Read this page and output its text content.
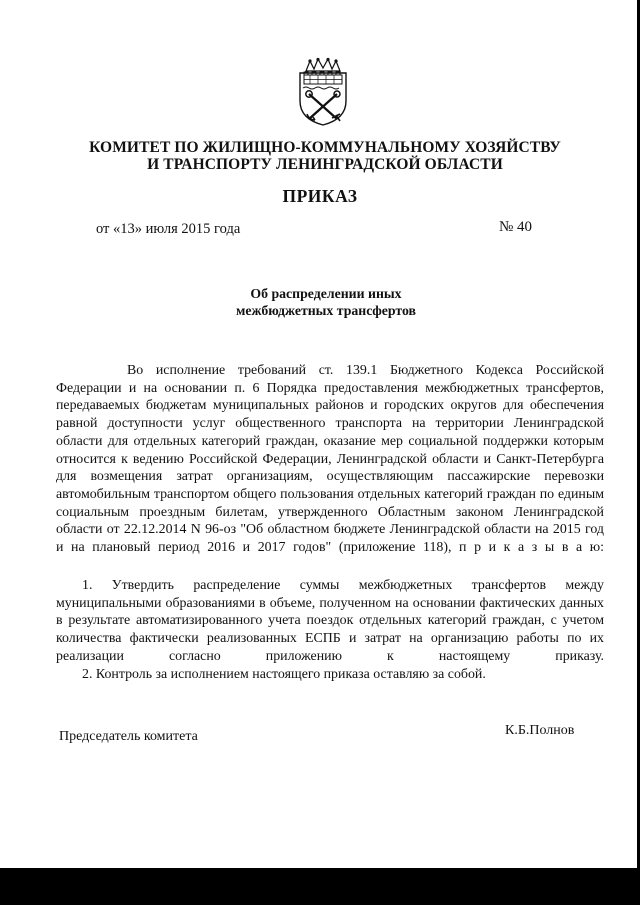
КОМИТЕТ ПО ЖИЛИЩНО-КОММУНАЛЬНОМУ ХОЗЯЙСТВУ
И ТРАНСПОРТУ ЛЕНИНГРАДСКОЙ ОБЛАСТИ
ПРИКАЗ
от «13» июля 2015 года	№ 40
Об распределении иных
межбюджетных трансфертов
Во исполнение требований ст. 139.1 Бюджетного Кодекса Российской Федерации и на основании п. 6 Порядка предоставления межбюджетных трансфертов, передаваемых бюджетам муниципальных районов и городских округов для обеспечения равной доступности услуг общественного транспорта на территории Ленинградской области для отдельных категорий граждан, оказание мер социальной поддержки которым относится к ведению Российской Федерации, Ленинградской области и Санкт-Петербурга для возмещения затрат организациям, осуществляющим пассажирские перевозки автомобильным транспортом общего пользования отдельных категорий граждан по единым социальным проездным билетам, утвержденного Областным законом Ленинградской области от 22.12.2014 N 96-оз "Об областном бюджете Ленинградской области на 2015 год и на плановый период 2016 и 2017 годов" (приложение 118), п р и к а з ы в а ю:
1. Утвердить распределение суммы межбюджетных трансфертов между муниципальными образованиями в объеме, полученном на основании фактических данных в результате автоматизированного учета поездок отдельных категорий граждан, с учетом количества фактически реализованных ЕСПБ и затрат на организацию работы по их реализации согласно приложению к настоящему приказу.
2. Контроль за исполнением настоящего приказа оставляю за собой.
Председатель комитета	К.Б.Полнов
